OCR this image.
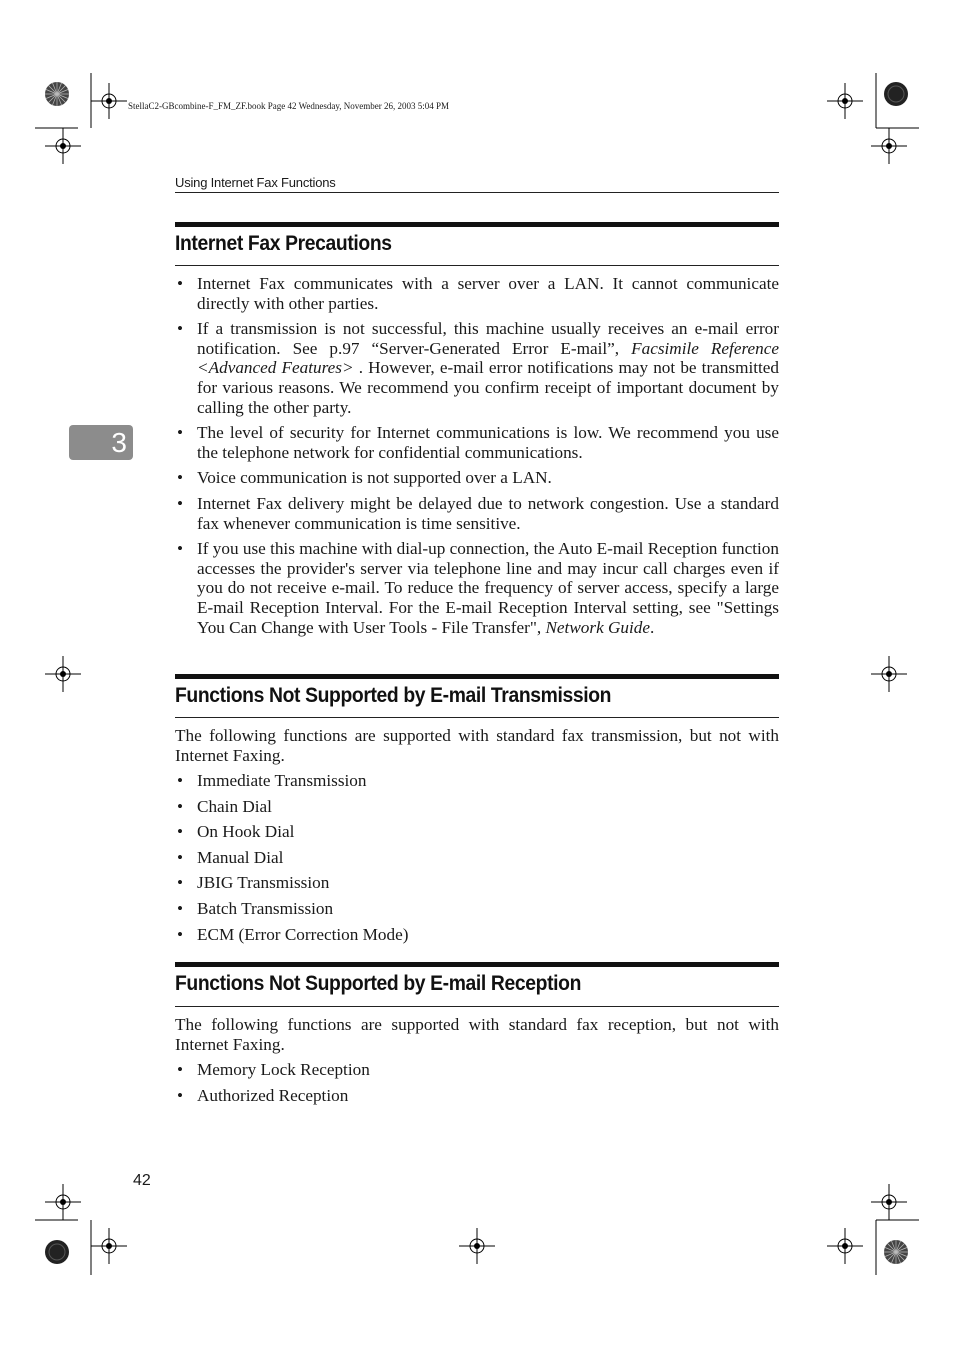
StellaC2-GBcombine-F_FM_ZF.book Page 42 Wednesday, November 26, 2003 5:04 PM
Using Internet Fax Functions
3
Internet Fax Precautions
• Internet Fax communicates with a server over a LAN. It cannot communicate directly with other parties.
• If a transmission is not successful, this machine usually receives an e-mail error notification. See p.97 “Server-Generated Error E-mail”, Facsimile Reference <Advanced Features> . However, e-mail error notifications may not be transmitted for various reasons. We recommend you confirm receipt of important document by calling the other party.
• The level of security for Internet communications is low. We recommend you use the telephone network for confidential communications.
• Voice communication is not supported over a LAN.
• Internet Fax delivery might be delayed due to network congestion. Use a standard fax whenever communication is time sensitive.
• If you use this machine with dial-up connection, the Auto E-mail Reception function accesses the provider's server via telephone line and may incur call charges even if you do not receive e-mail. To reduce the frequency of server access, specify a large E-mail Reception Interval. For the E-mail Reception Interval setting, see "Settings You Can Change with User Tools - File Transfer", Network Guide.
Functions Not Supported by E-mail Transmission
The following functions are supported with standard fax transmission, but not with Internet Faxing.
• Immediate Transmission
• Chain Dial
• On Hook Dial
• Manual Dial
• JBIG Transmission
• Batch Transmission
• ECM (Error Correction Mode)
Functions Not Supported by E-mail Reception
The following functions are supported with standard fax reception, but not with Internet Faxing.
• Memory Lock Reception
• Authorized Reception
42
